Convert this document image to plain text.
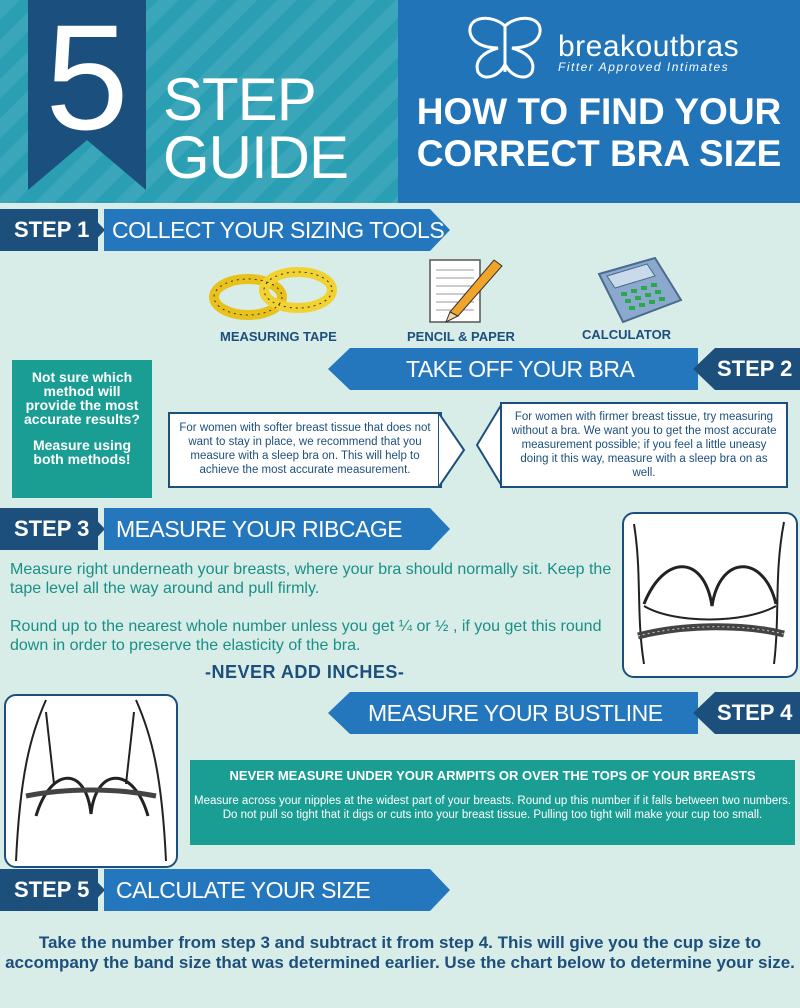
5 STEP
GUIDE
breakoutbras
Fitter Approved Intimates
HOW TO FIND YOUR
CORRECT BRA SIZE
STEP 1 COLLECT YOUR SIZING TOOLS
MEASURING TAPE	PENCIL & PAPER	CALCULATOR
TAKE OFF YOUR BRA	STEP 2
Not sure which method will provide the most accurate results?
Measure using both methods!
For women with softer breast tissue that does not want to stay in place, we recommend that you measure with a sleep bra on. This will help to achieve the most accurate measurement.
For women with firmer breast tissue, try measuring without a bra. We want you to get the most accurate measurement possible; if you feel a little uneasy doing it this way, measure with a sleep bra on as well.
STEP 3 MEASURE YOUR RIBCAGE
Measure right underneath your breasts, where your bra should normally sit. Keep the tape level all the way around and pull firmly.
Round up to the nearest whole number unless you get ¼ or ½ , if you get this round down in order to preserve the elasticity of the bra.
-NEVER ADD INCHES-
MEASURE YOUR BUSTLINE STEP 4
NEVER MEASURE UNDER YOUR ARMPITS OR OVER THE TOPS OF YOUR BREASTS
Measure across your nipples at the widest part of your breasts. Round up this number if it falls between two numbers. Do not pull so tight that it digs or cuts into your breast tissue. Pulling too tight will make your cup too small.
STEP 5 CALCULATE YOUR SIZE
Take the number from step 3 and subtract it from step 4. This will give you the cup size to accompany the band size that was determined earlier. Use the chart below to determine your size.
